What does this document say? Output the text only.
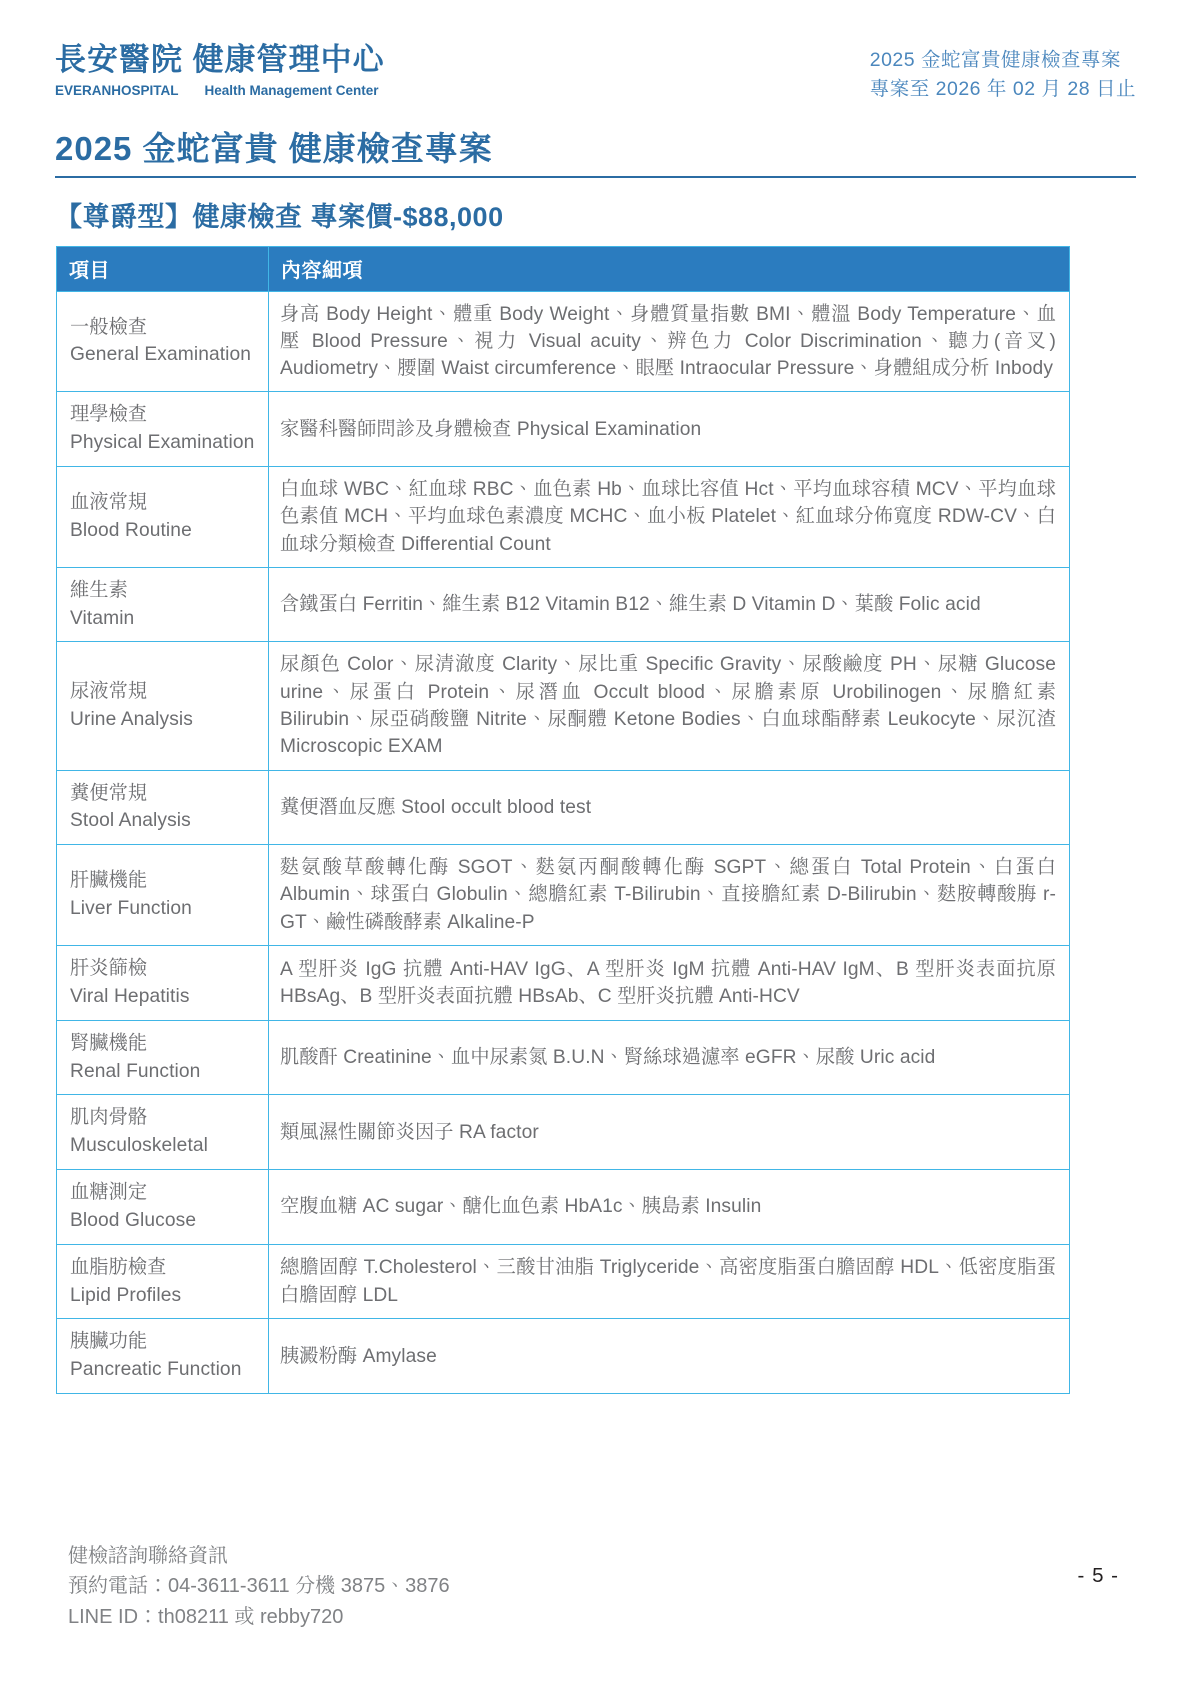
長安醫院 健康管理中心
EVERANHOSPITAL Health Management Center
2025 金蛇富貴健康檢查專案
專案至 2026 年 02 月 28 日止
2025 金蛇富貴 健康檢查專案
【尊爵型】健康檢查 專案價-$88,000
項目	內容細項

一般檢查
General Examination	身高 Body Height、體重 Body Weight、身體質量指數 BMI、體溫 Body Temperature、血壓 Blood Pressure、視力 Visual acuity、辨色力 Color Discrimination、聽力(音叉) Audiometry、腰圍 Waist circumference、眼壓 Intraocular Pressure、身體組成分析 Inbody

理學檢查
Physical Examination	家醫科醫師問診及身體檢查 Physical Examination

血液常規
Blood Routine	白血球 WBC、紅血球 RBC、血色素 Hb、血球比容值 Hct、平均血球容積 MCV、平均血球色素值 MCH、平均血球色素濃度 MCHC、血小板 Platelet、紅血球分佈寬度 RDW-CV、白血球分類檢查 Differential Count

維生素
Vitamin	含鐵蛋白 Ferritin、維生素 B12 Vitamin B12、維生素 D Vitamin D、葉酸 Folic acid

尿液常規
Urine Analysis	尿顏色 Color、尿清澈度 Clarity、尿比重 Specific Gravity、尿酸鹼度 PH、尿糖 Glucose urine、尿蛋白 Protein、尿潛血 Occult blood、尿膽素原 Urobilinogen、尿膽紅素 Bilirubin、尿亞硝酸鹽 Nitrite、尿酮體 Ketone Bodies、白血球酯酵素 Leukocyte、尿沉渣 Microscopic EXAM

糞便常規
Stool Analysis	糞便潛血反應 Stool occult blood test

肝臟機能
Liver Function	麩氨酸草酸轉化酶 SGOT、麩氨丙酮酸轉化酶 SGPT、總蛋白 Total Protein、白蛋白 Albumin、球蛋白 Globulin、總膽紅素 T-Bilirubin、直接膽紅素 D-Bilirubin、麩胺轉酸脢 r-GT、鹼性磷酸酵素 Alkaline-P

肝炎篩檢
Viral Hepatitis	A 型肝炎 IgG 抗體 Anti-HAV IgG、A 型肝炎 IgM 抗體 Anti-HAV IgM、B 型肝炎表面抗原 HBsAg、B 型肝炎表面抗體 HBsAb、C 型肝炎抗體 Anti-HCV

腎臟機能
Renal Function	肌酸酐 Creatinine、血中尿素氮 B.U.N、腎絲球過濾率 eGFR、尿酸 Uric acid

肌肉骨骼
Musculoskeletal	類風濕性關節炎因子 RA factor

血糖測定
Blood Glucose	空腹血糖 AC sugar、醣化血色素 HbA1c、胰島素 Insulin

血脂肪檢查
Lipid Profiles	總膽固醇 T.Cholesterol、三酸甘油脂 Triglyceride、高密度脂蛋白膽固醇 HDL、低密度脂蛋白膽固醇 LDL

胰臟功能
Pancreatic Function	胰澱粉酶 Amylase
健檢諮詢聯絡資訊
預約電話：04-3611-3611 分機 3875、3876
LINE ID：th08211 或 rebby720
- 5 -
